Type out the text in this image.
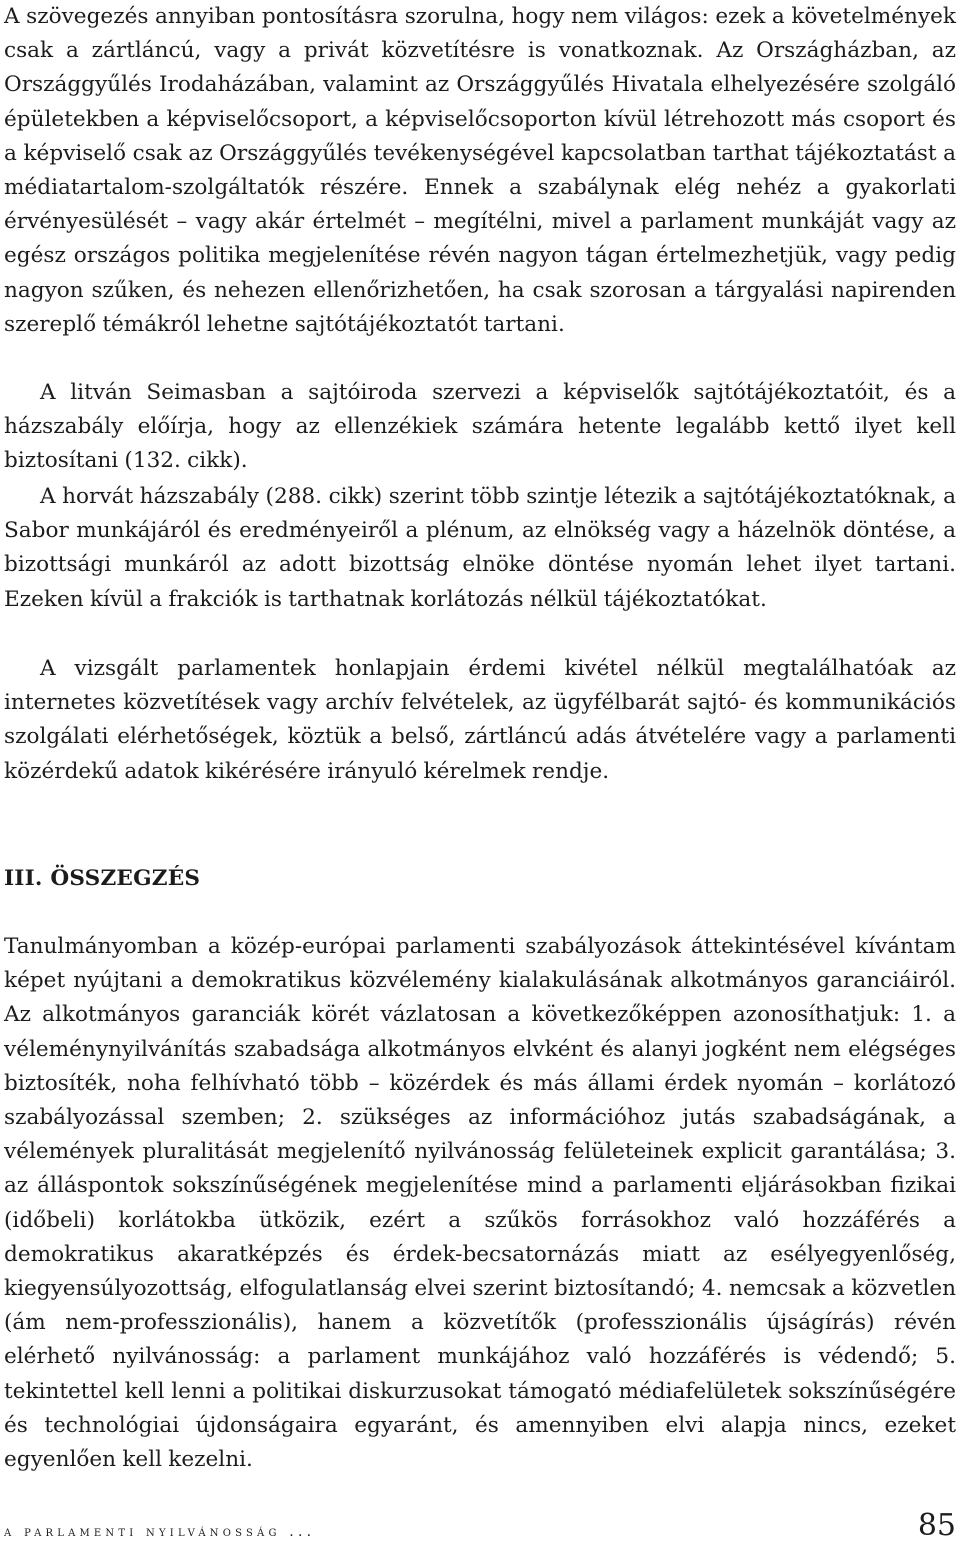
A szövegezés annyiban pontosításra szorulna, hogy nem világos: ezek a követelmények csak a zártláncú, vagy a privát közvetítésre is vonatkoznak. Az Országházban, az Országgyűlés Irodaházában, valamint az Országgyűlés Hivatala elhelyezésére szolgáló épületekben a képviselőcsoport, a képviselőcsoporton kívül létrehozott más csoport és a képviselő csak az Országgyűlés tevékenységével kapcsolatban tarthat tájékoztatást a médiatartalom-szolgáltatók részére. Ennek a szabálynak elég nehéz a gyakorlati érvényesülését – vagy akár értelmét – megítélni, mivel a parlament munkáját vagy az egész országos politika megjelenítése révén nagyon tágan értelmezhetjük, vagy pedig nagyon szűken, és nehezen ellenőrizhetően, ha csak szorosan a tárgyalási napirenden szereplő témákról lehetne sajtótájékoztatót tartani.

A litván Seimasban a sajtóiroda szervezi a képviselők sajtótájékoztatóit, és a házszabály előírja, hogy az ellenzékiek számára hetente legalább kettő ilyet kell biztosítani (132. cikk).

A horvát házszabály (288. cikk) szerint több szintje létezik a sajtótájékoztatóknak, a Sabor munkájáról és eredményeiről a plénum, az elnökség vagy a házelnök döntése, a bizottsági munkáról az adott bizottság elnöke döntése nyomán lehet ilyet tartani. Ezeken kívül a frakciók is tarthatnak korlátozás nélkül tájékoztatókat.

A vizsgált parlamentek honlapjain érdemi kivétel nélkül megtalálhatóak az internetes közvetítések vagy archív felvételek, az ügyfélbarát sajtó- és kommunikációs szolgálati elérhetőségek, köztük a belső, zártláncú adás átvételére vagy a parlamenti közérdekű adatok kikérésére irányuló kérelmek rendje.

III. ÖSSZEGZÉS

Tanulmányomban a közép-európai parlamenti szabályozások áttekintésével kívántam képet nyújtani a demokratikus közvélemény kialakulásának alkotmányos garanciáiról. Az alkotmányos garanciák körét vázlatosan a következőképpen azonosíthatjuk: 1. a véleménynyilvánítás szabadsága alkotmányos elvként és alanyi jogként nem elégséges biztosíték, noha felhívható több – közérdek és más állami érdek nyomán – korlátozó szabályozással szemben; 2. szükséges az információhoz jutás szabadságának, a vélemények pluralitását megjelenítő nyilvánosság felületeinek explicit garantálása; 3. az álláspontok sokszínűségének megjelenítése mind a parlamenti eljárásokban fizikai (időbeli) korlátokba ütközik, ezért a szűkös forrásokhoz való hozzáférés a demokratikus akaratképzés és érdek-becsatornázás miatt az esélyegyenlőség, kiegyensúlyozottság, elfogulatlanság elvei szerint biztosítandó; 4. nemcsak a közvetlen (ám nem-professzionális), hanem a közvetítők (professzionális újságírás) révén elérhető nyilvánosság: a parlament munkájához való hozzáférés is védendő; 5. tekintettel kell lenni a politikai diskurzusokat támogató médiafelületek sokszínűségére és technológiai újdonságaira egyaránt, és amennyiben elvi alapja nincs, ezeket egyenlően kell kezelni.

a parlamenti nyilvánosság ...	85
